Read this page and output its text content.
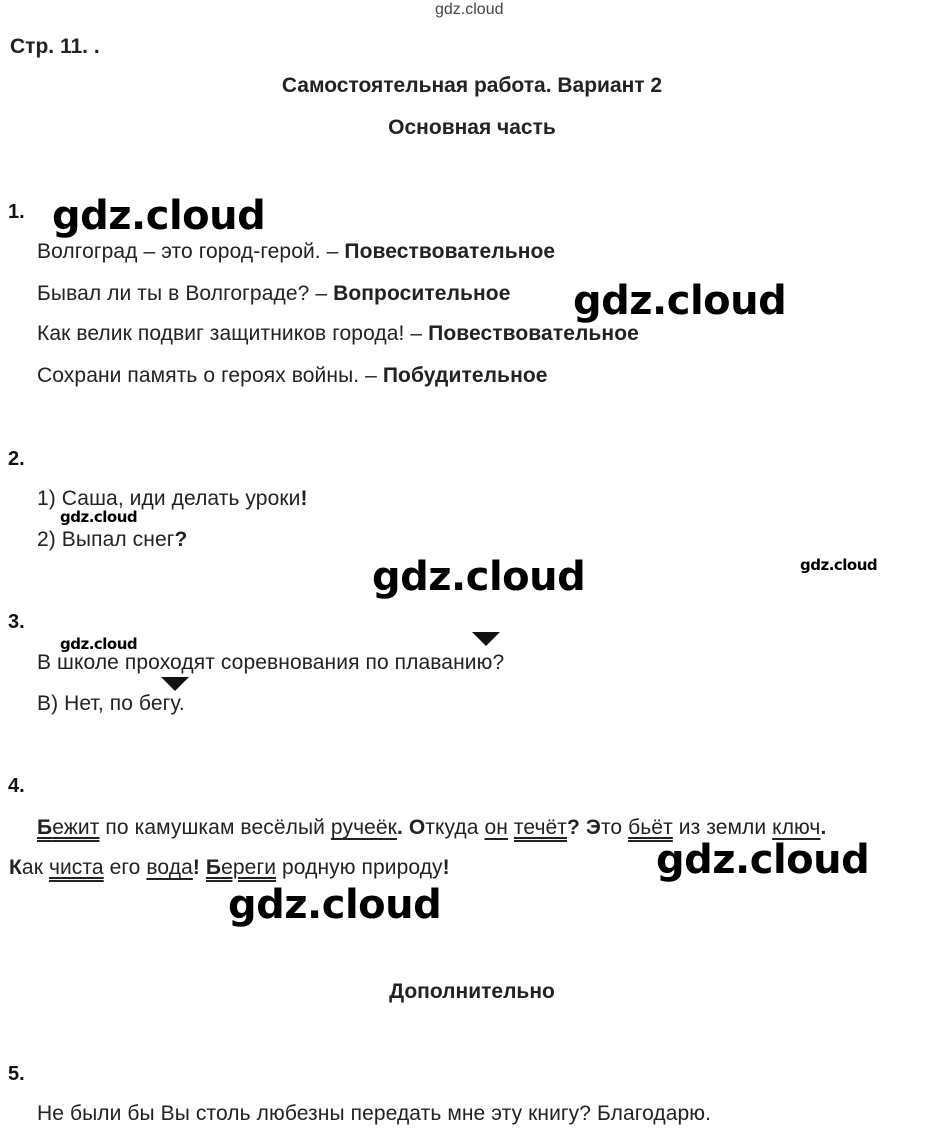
gdz.cloud
Стр. 11. .
Самостоятельная работа. Вариант 2
Основная часть
1.
Волгоград – это город-герой. – Повествовательное
Бывал ли ты в Волгограде? – Вопросительное
Как велик подвиг защитников города! – Повествовательное
Сохрани память о героях войны. – Побудительное
2.
1) Саша, иди делать уроки!
2) Выпал снег?
3.
В школе проходят соревнования по плаванию?
В) Нет, по бегу.
4.
Бежит по камушкам весёлый ручеёк. Откуда он течёт? Это бьёт из земли ключ.
Как чиста его вода! Береги родную природу!
Дополнительно
5.
Не были бы Вы столь любезны передать мне эту книгу? Благодарю.
gdz.cloud
gdz.cloud
gdz.cloud
gdz.cloud	gdz.cloud
gdz.cloud
gdz.cloud
gdz.cloud
